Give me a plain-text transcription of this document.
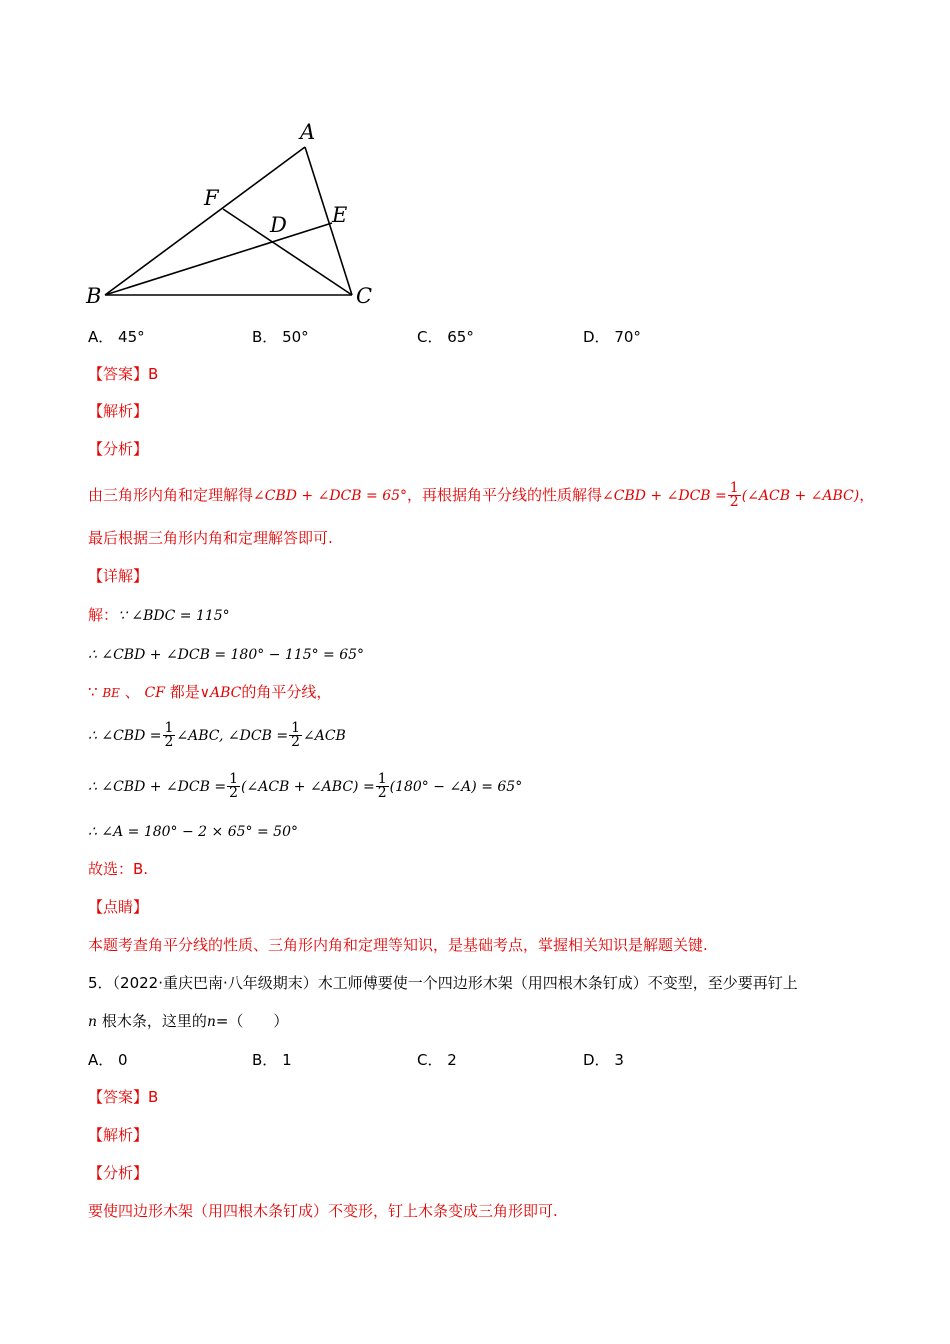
A
B	C
D E
F
A． 45°	B． 50°	C． 65°	D． 70°
【答案】B
【解析】
【分析】
由三角形内角和定理解得∠CBD + ∠DCB = 65°，再根据角平分线的性质解得∠CBD + ∠DCB = $\frac{1}{2}$ (∠ACB + ∠ABC)，
最后根据三角形内角和定理解答即可.
【详解】
解：∵ ∠BDC = 115°
∴ ∠CBD + ∠DCB = 180° − 115° = 65°
∵ BE 、 CF 都是∨ABC的角平分线，
∴ ∠CBD = $\frac{1}{2}$ ∠ABC, ∠DCB = $\frac{1}{2}$ ∠ACB
∴ ∠CBD + ∠DCB = $\frac{1}{2}$ (∠ACB + ∠ABC) = $\frac{1}{2} (180^\circ$ − ∠A) = 65°
∴ ∠A = 180° − 2 × 65° = 50°
故选：B.
【点睛】
本题考查角平分线的性质、三角形内角和定理等知识，是基础考点，掌握相关知识是解题关键.
5．（2022·重庆巴南·八年级期末）木工师傅要使一个四边形木架（用四根木条钉成）不变型，至少要再钉上
n 根木条，这里的n=（　　）
A． 0	B． 1	C． 2	D． 3
【答案】B
【解析】
【分析】
要使四边形木架（用四根木条钉成）不变形，钉上木条变成三角形即可.
